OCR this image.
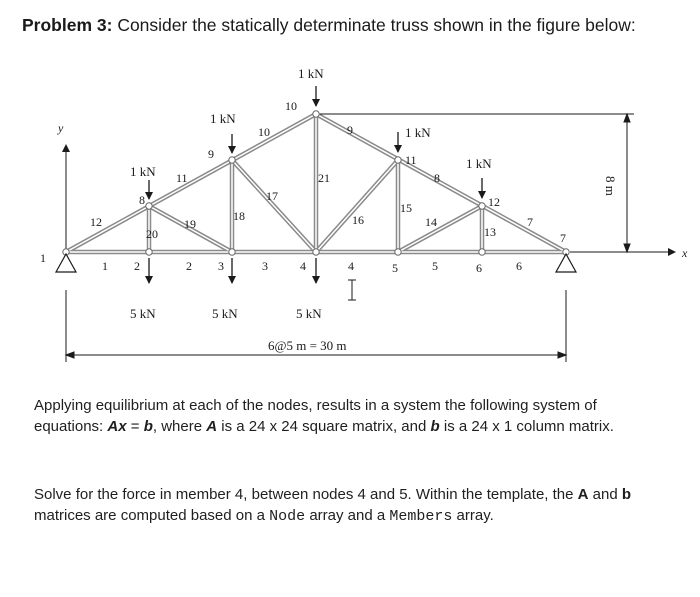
Problem 3: Consider the statically determinate truss shown in the figure below:
y
x
1 kN
1 kN
1 kN
1 kN
1 kN
5 kN	5 kN	5 kN
1
2	3	4	5	6
7
8
9
10
11
12
1	2	3	4	5	6
7
8
9
10
11
12
13
14
15
16
17
18
19
20
21
6@5 m = 30 m
8 m

Applying equilibrium at each of the nodes, results in a system the following system of equations: Ax = b, where A is a 24 x 24 square matrix, and b is a 24 x 1 column matrix.

Solve for the force in member 4, between nodes 4 and 5. Within the template, the A and b matrices are computed based on a Node array and a Members array.
